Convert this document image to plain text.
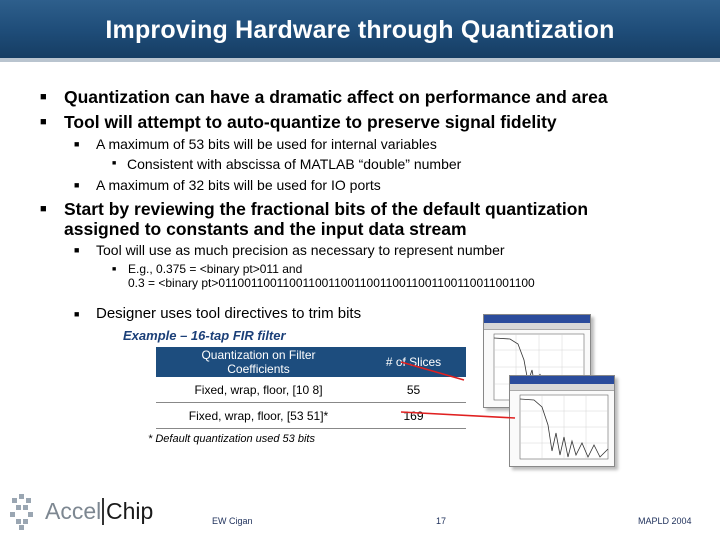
Improving Hardware through Quantization
■ Quantization can have a dramatic affect on performance and area
■ Tool will attempt to auto-quantize to preserve signal fidelity
■ A maximum of 53 bits will be used for internal variables
■ Consistent with abscissa of MATLAB “double” number
■ A maximum of 32 bits will be used for IO ports
■ Start by reviewing the fractional bits of the default quantization
assigned to constants and the input data stream
■ Tool will use as much precision as necessary to represent number
■ E.g., 0.375 = <binary pt>011 and
0.3 = <binary pt>0110011001100110011001100110011001100110011001100
■ Designer uses tool directives to trim bits
Example – 16-tap FIR filter
Quantization on Filter
Coefficients	# of Slices
Fixed, wrap, floor, [10 8]	55
Fixed, wrap, floor, [53 51]*	169
* Default quantization used 53 bits
Accel Chip	EW Cigan	17	MAPLD 2004
